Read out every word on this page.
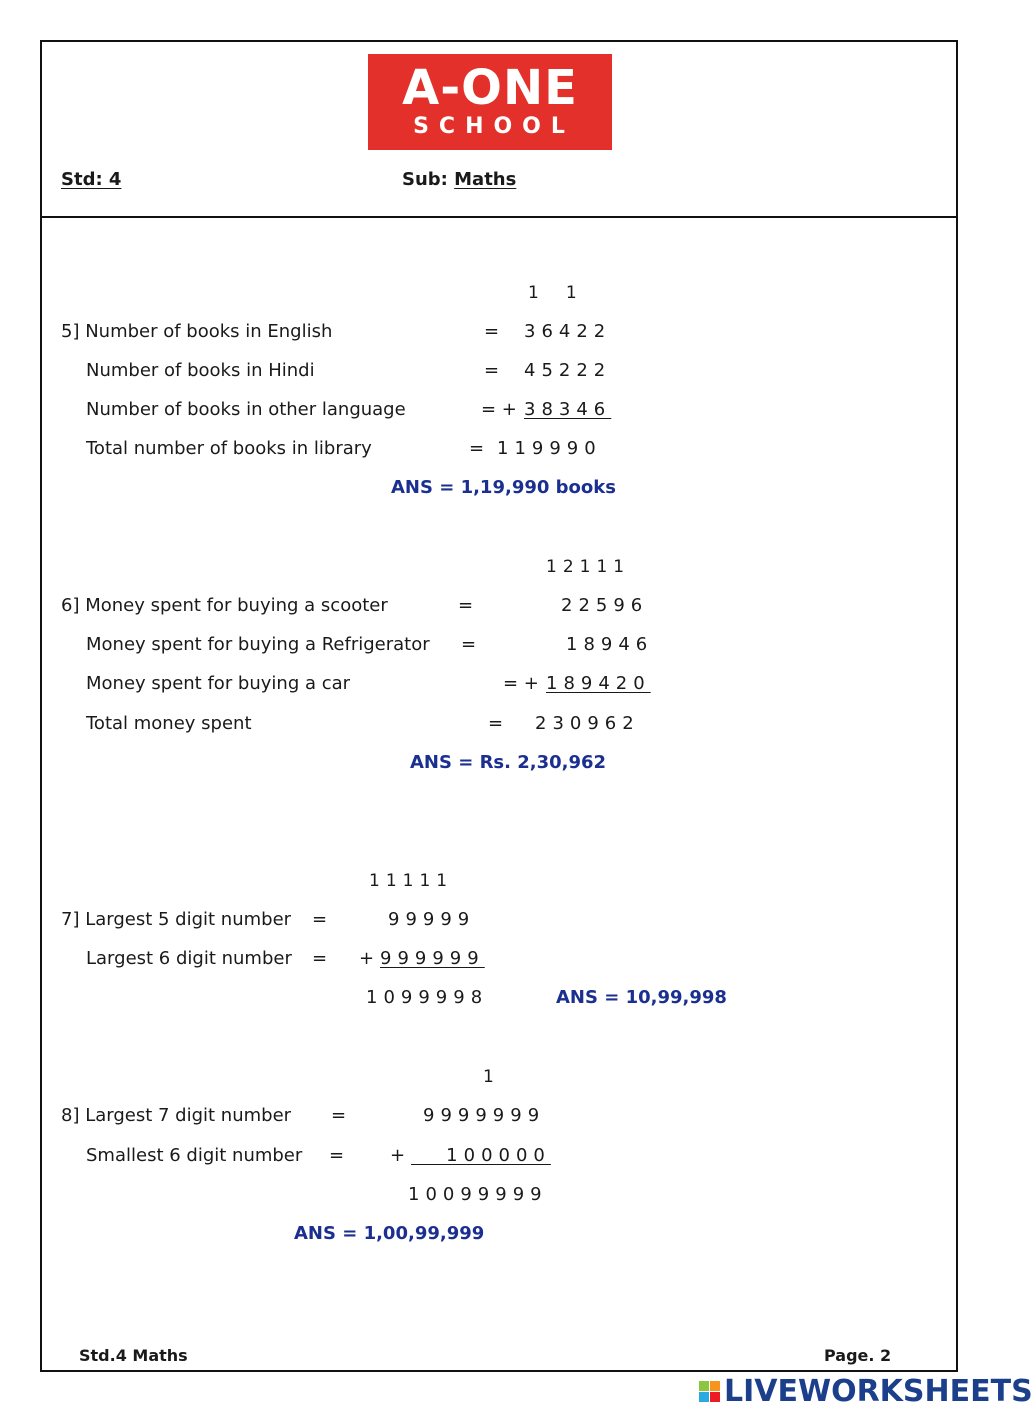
A-ONE
SCHOOL
Std: 4	Sub: Maths
1     1
5] Number of books in English	= 36422
Number of books in Hindi	= 45222
Number of books in other language	= + 38346
Total number of books in library	= 119990
ANS = 1,19,990 books
12111
6] Money spent for buying a scooter	=	22596
Money spent for buying a Refrigerator =	18946
Money spent for buying a car	= + 189420
Total money spent	= 230962
ANS = Rs. 2,30,962
11111
7] Largest 5 digit number =	99999
Largest 6 digit number = + 999999
1099998	ANS = 10,99,998
1
8] Largest 7 digit number =	9999999
Smallest 6 digit number =	+ 100000
10099999
ANS = 1,00,99,999
Std.4 Maths	Page. 2
LIVEWORKSHEETS
